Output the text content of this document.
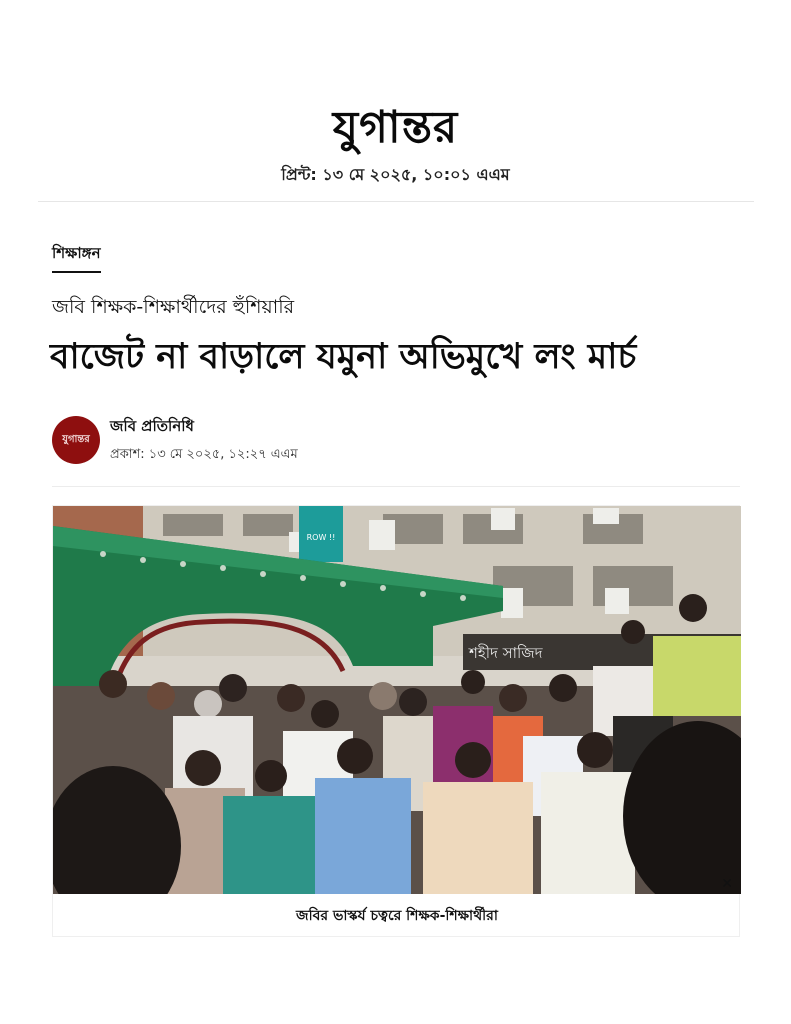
যুগান্তর
প্রিন্ট: ১৩ মে ২০২৫, ১০:০১ এএম
শিক্ষাঙ্গন
জবি শিক্ষক-শিক্ষার্থীদের হুঁশিয়ারি
বাজেট না বাড়ালে যমুনা অভিমুখে লং মার্চ
যুগান্তর
জবি প্রতিনিধি
প্রকাশ: ১৩ মে ২০২৫, ১২:২৭ এএম
ROW !!
শহীদ সাজিদ
✕
জবির ভাস্কর্য চত্বরে শিক্ষক-শিক্ষার্থীরা
